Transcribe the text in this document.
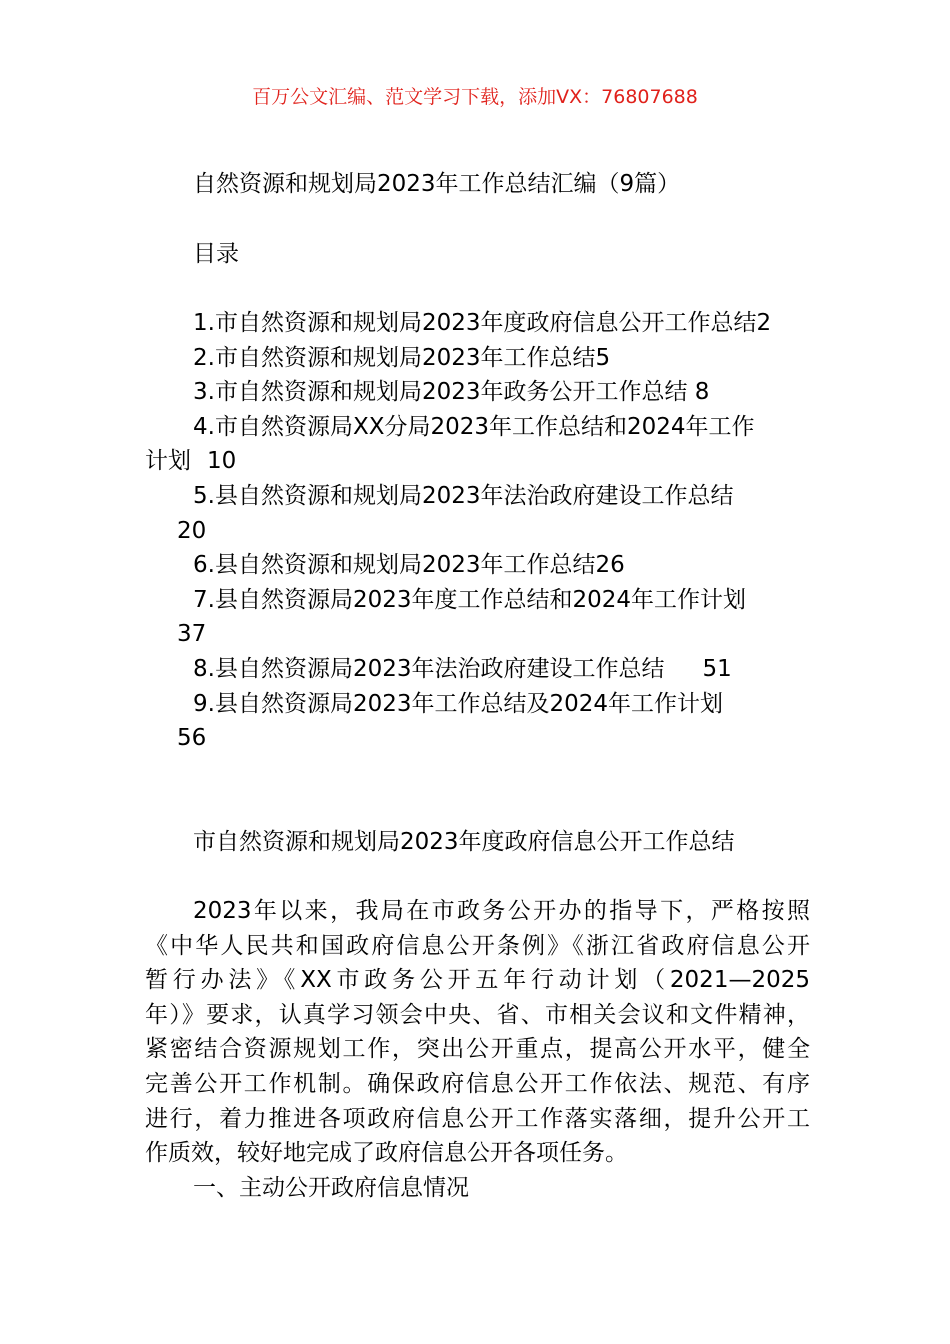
百万公文汇编、范文学习下载，添加VX：76807688
自然资源和规划局2023年工作总结汇编（9篇）
目录
1.市自然资源和规划局2023年度政府信息公开工作总结2
2.市自然资源和规划局2023年工作总结5
3.市自然资源和规划局2023年政务公开工作总结 8
4.市自然资源局XX分局2023年工作总结和2024年工作
计划 10
5.县自然资源和规划局2023年法治政府建设工作总结
20
6.县自然资源和规划局2023年工作总结26
7.县自然资源局2023年度工作总结和2024年工作计划
37
8.县自然资源局2023年法治政府建设工作总结 51
9.县自然资源局2023年工作总结及2024年工作计划
56
市自然资源和规划局2023年度政府信息公开工作总结
2023年以来，我局在市政务公开办的指导下，严格按照
《中华人民共和国政府信息公开条例》《浙江省政府信息公开
暂行办法》《XX市政务公开五年行动计划（2021—2025
年）》要求，认真学习领会中央、省、市相关会议和文件精神，
紧密结合资源规划工作，突出公开重点，提高公开水平，健全
完善公开工作机制。确保政府信息公开工作依法、规范、有序
进行，着力推进各项政府信息公开工作落实落细，提升公开工
作质效，较好地完成了政府信息公开各项任务。
一、主动公开政府信息情况
